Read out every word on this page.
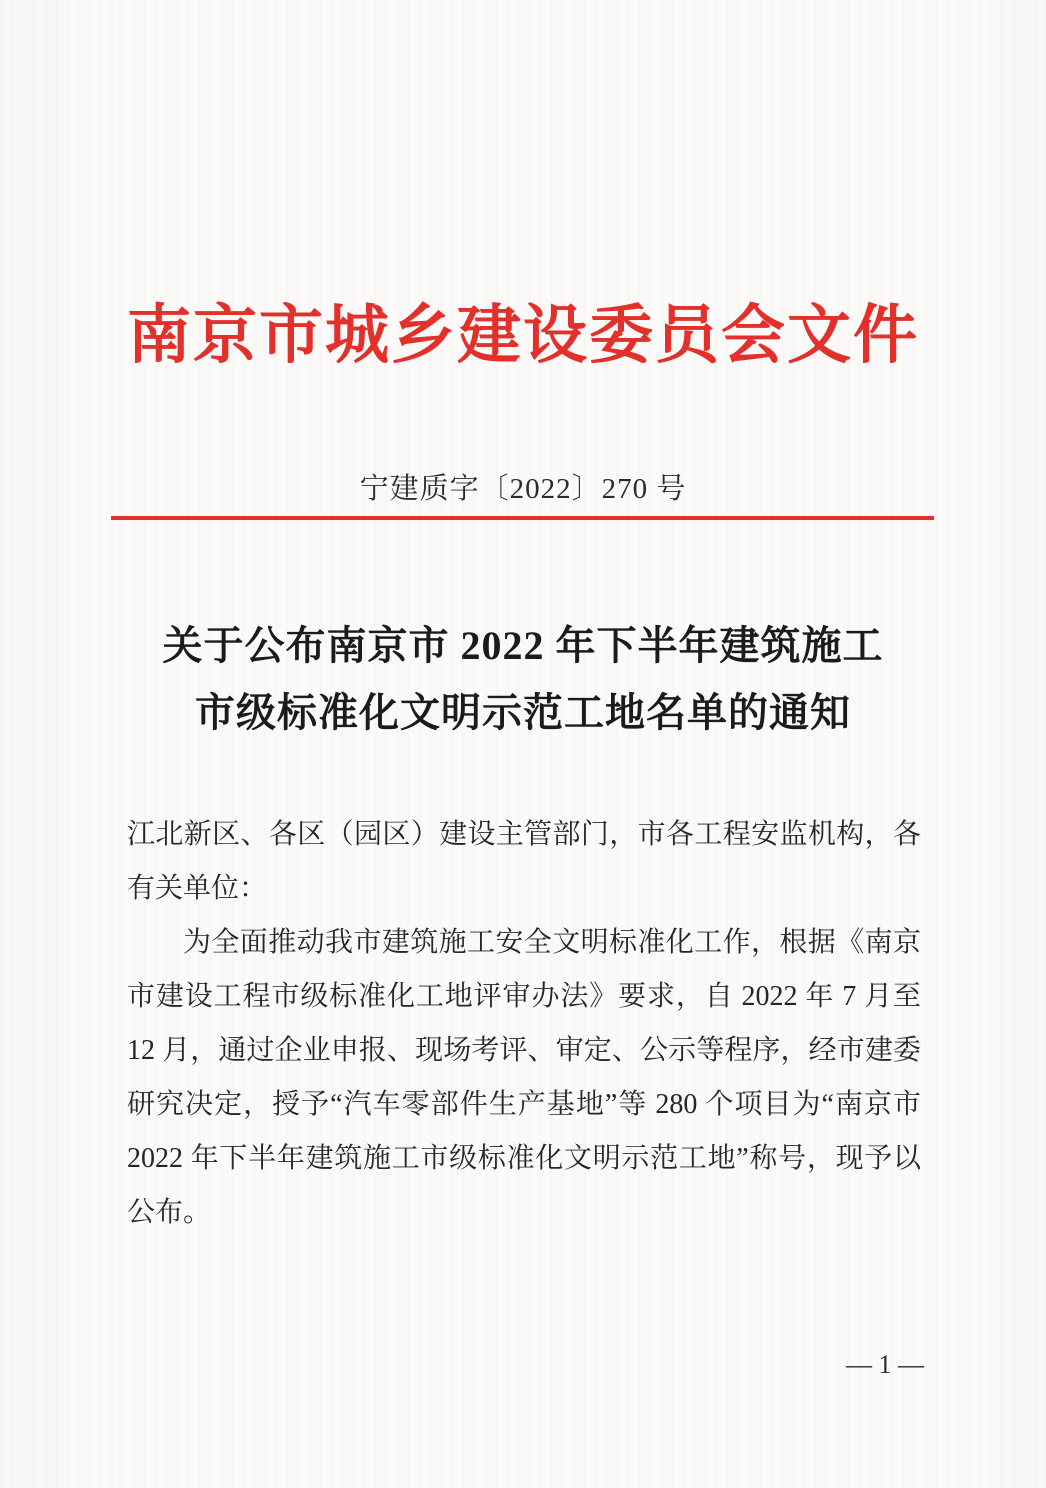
南京市城乡建设委员会文件
宁建质字〔2022〕270 号
关于公布南京市 2022 年下半年建筑施工
市级标准化文明示范工地名单的通知

江北新区、各区（园区）建设主管部门，市各工程安监机构，各有关单位：

为全面推动我市建筑施工安全文明标准化工作，根据《南京市建设工程市级标准化工地评审办法》要求，自 2022 年 7 月至 12 月，通过企业申报、现场考评、审定、公示等程序，经市建委研究决定，授予“汽车零部件生产基地”等 280 个项目为“南京市 2022 年下半年建筑施工市级标准化文明示范工地”称号，现予以公布。

— 1 —
